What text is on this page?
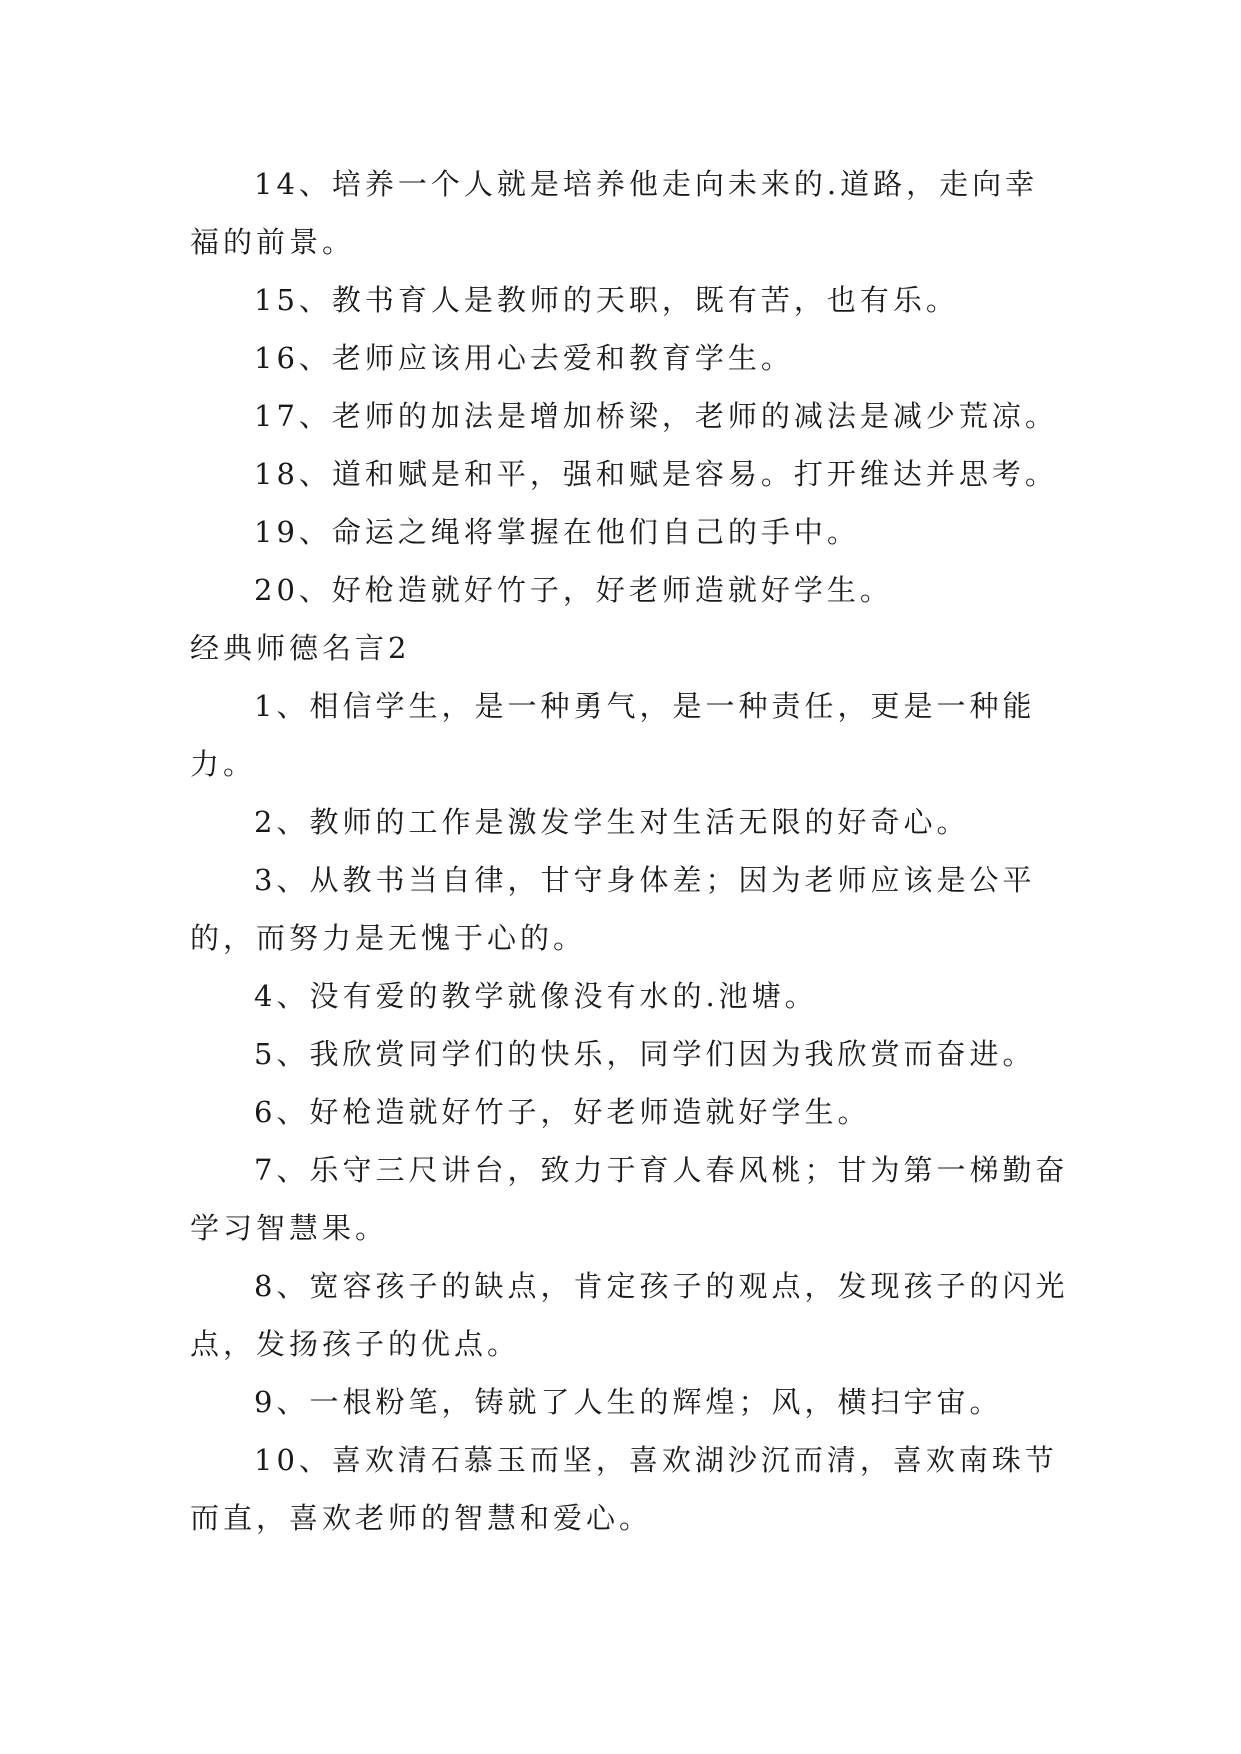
14、培养一个人就是培养他走向未来的.道路，走向幸福的前景。

15、教书育人是教师的天职，既有苦，也有乐。

16、老师应该用心去爱和教育学生。

17、老师的加法是增加桥梁，老师的减法是减少荒凉。

18、道和赋是和平，强和赋是容易。打开维达并思考。

19、命运之绳将掌握在他们自己的手中。

20、好枪造就好竹子，好老师造就好学生。

经典师德名言2

1、相信学生，是一种勇气，是一种责任，更是一种能力。

2、教师的工作是激发学生对生活无限的好奇心。

3、从教书当自律，甘守身体差；因为老师应该是公平的，而努力是无愧于心的。

4、没有爱的教学就像没有水的.池塘。

5、我欣赏同学们的快乐，同学们因为我欣赏而奋进。

6、好枪造就好竹子，好老师造就好学生。

7、乐守三尺讲台，致力于育人春风桃；甘为第一梯勤奋学习智慧果。

8、宽容孩子的缺点，肯定孩子的观点，发现孩子的闪光点，发扬孩子的优点。

9、一根粉笔，铸就了人生的辉煌；风，横扫宇宙。

10、喜欢清石慕玉而坚，喜欢湖沙沉而清，喜欢南珠节而直，喜欢老师的智慧和爱心。
